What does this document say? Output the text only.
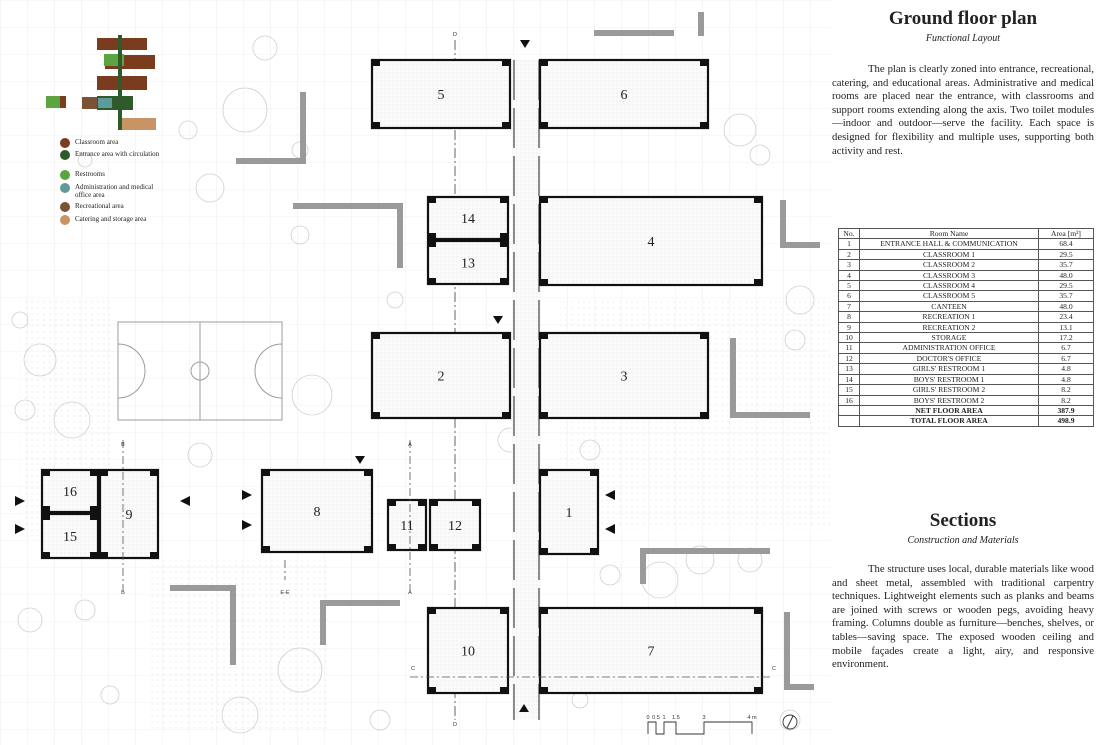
5	6
14
13
4
2	3
8
11 12
1
16
15
9
10	7
A
A
B
B
C	C
D
D
E-E
0 0.5 1 1.5	3	4 m
Classroom area
Entrance area with circulation
Restrooms
Administration and medical office area
Recreational area
Catering and storage area
Ground floor plan
Functional Layout

The plan is clearly zoned into entrance, recreational, catering, and educational areas. Administrative and medical rooms are placed near the entrance, with classrooms and support rooms extending along the axis. Two toilet modules—indoor and outdoor—serve the facility. Each space is designed for flexibility and multiple uses, supporting both activity and rest.

No.	Room Name	Area [m²]
1	ENTRANCE HALL & COMMUNICATION	68.4
2	CLASSROOM 1	29.5
3	CLASSROOM 2	35.7
4	CLASSROOM 3	48.0
5	CLASSROOM 4	29.5
6	CLASSROOM 5	35.7
7	CANTEEN	48.0
8	RECREATION 1	23.4
9	RECREATION 2	13.1
10	STORAGE	17.2
11	ADMINISTRATION OFFICE	6.7
12	DOCTOR'S OFFICE	6.7
13	GIRLS' RESTROOM 1	4.8
14	BOYS' RESTROOM 1	4.8
15	GIRLS' RESTROOM 2	8.2
16	BOYS' RESTROOM 2	8.2
	NET FLOOR AREA	387.9
	TOTAL FLOOR AREA	498.9
Sections
Construction and Materials

The structure uses local, durable materials like wood and sheet metal, assembled with traditional carpentry techniques. Lightweight elements such as planks and beams are joined with screws or wooden pegs, avoiding heavy framing. Columns double as furniture—benches, shelves, or tables—saving space. The exposed wooden ceiling and mobile façades create a light, airy, and responsive environment.
